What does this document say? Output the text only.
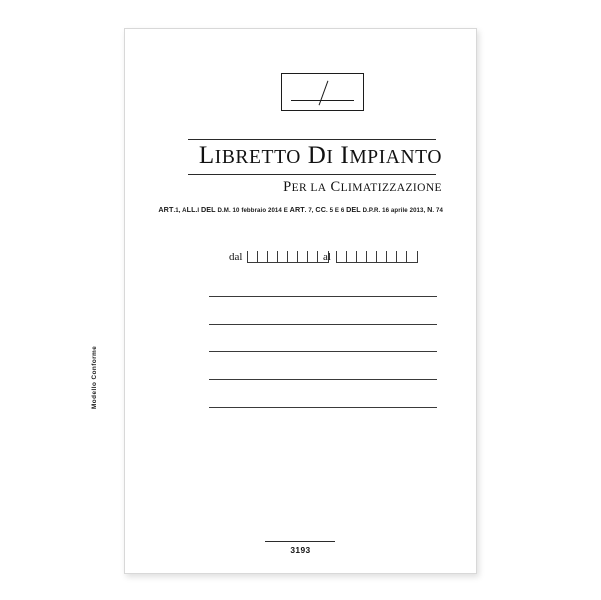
LIBRETTO DI IMPIANTO
PER LA CLIMATIZZAZIONE
ART.1, ALL.I DEL D.M. 10 febbraio 2014 E ART. 7, CC. 5 E 6 DEL D.P.R. 16 aprile 2013, N. 74
dal	al
Modello Conforme
3193
